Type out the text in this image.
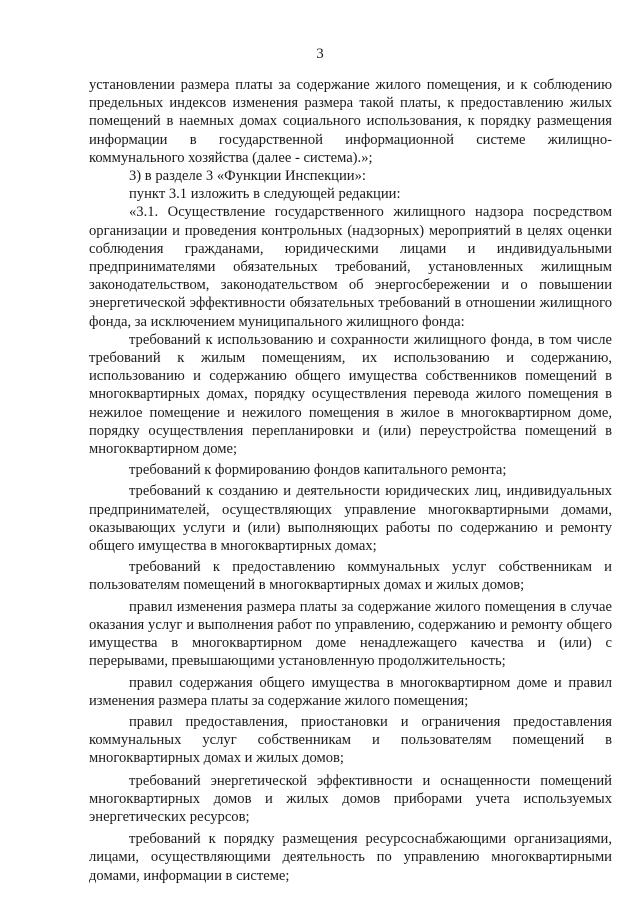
3

установлении размера платы за содержание жилого помещения, и к соблюдению предельных индексов изменения размера такой платы, к предоставлению жилых помещений в наемных домах социального использования, к порядку размещения информации в государственной информационной системе жилищно-коммунального хозяйства (далее - система).»;

3) в разделе 3 «Функции Инспекции»:

пункт 3.1 изложить в следующей редакции:

«3.1. Осуществление государственного жилищного надзора посредством организации и проведения контрольных (надзорных) мероприятий в целях оценки соблюдения гражданами, юридическими лицами и индивидуальными предпринимателями обязательных требований, установленных жилищным законодательством, законодательством об энергосбережении и о повышении энергетической эффективности обязательных требований в отношении жилищного фонда, за исключением муниципального жилищного фонда:

требований к использованию и сохранности жилищного фонда, в том числе требований к жилым помещениям, их использованию и содержанию, использованию и содержанию общего имущества собственников помещений в многоквартирных домах, порядку осуществления перевода жилого помещения в нежилое помещение и нежилого помещения в жилое в многоквартирном доме, порядку осуществления перепланировки и (или) переустройства помещений в многоквартирном доме;

требований к формированию фондов капитального ремонта;

требований к созданию и деятельности юридических лиц, индивидуальных предпринимателей, осуществляющих управление многоквартирными домами, оказывающих услуги и (или) выполняющих работы по содержанию и ремонту общего имущества в многоквартирных домах;

требований к предоставлению коммунальных услуг собственникам и пользователям помещений в многоквартирных домах и жилых домов;

правил изменения размера платы за содержание жилого помещения в случае оказания услуг и выполнения работ по управлению, содержанию и ремонту общего имущества в многоквартирном доме ненадлежащего качества и (или) с перерывами, превышающими установленную продолжительность;

правил содержания общего имущества в многоквартирном доме и правил изменения размера платы за содержание жилого помещения;

правил предоставления, приостановки и ограничения предоставления коммунальных услуг собственникам и пользователям помещений в многоквартирных домах и жилых домов;

требований энергетической эффективности и оснащенности помещений многоквартирных домов и жилых домов приборами учета используемых энергетических ресурсов;

требований к порядку размещения ресурсоснабжающими организациями, лицами, осуществляющими деятельность по управлению многоквартирными домами, информации в системе;
